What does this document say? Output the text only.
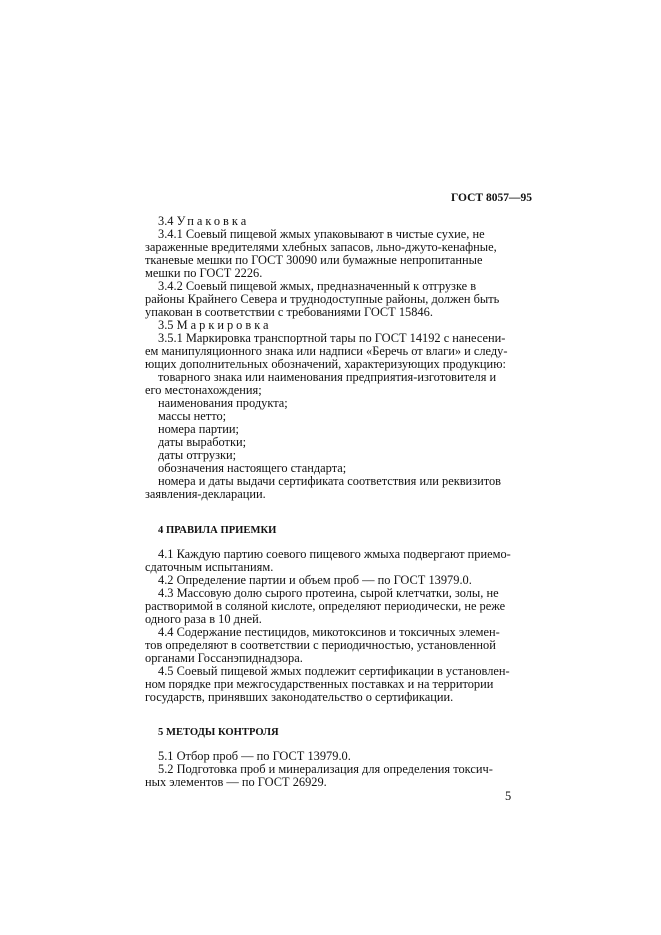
ГОСТ 8057—95
3.4 Упаковка
3.4.1 Соевый пищевой жмых упаковывают в чистые сухие, не
зараженные вредителями хлебных запасов, льно-джуто-кенафные,
тканевые мешки по ГОСТ 30090 или бумажные непропитанные
мешки по ГОСТ 2226.
3.4.2 Соевый пищевой жмых, предназначенный к отгрузке в
районы Крайнего Севера и труднодоступные районы, должен быть
упакован в соответствии с требованиями ГОСТ 15846.
3.5 Маркировка
3.5.1 Маркировка транспортной тары по ГОСТ 14192 с нанесени-
ем манипуляционного знака или надписи «Беречь от влаги» и следу-
ющих дополнительных обозначений, характеризующих продукцию:
товарного знака или наименования предприятия-изготовителя и
его местонахождения;
наименования продукта;
массы нетто;
номера партии;
даты выработки;
даты отгрузки;
обозначения настоящего стандарта;
номера и даты выдачи сертификата соответствия или реквизитов
заявления-декларации.
4 ПРАВИЛА ПРИЕМКИ
4.1 Каждую партию соевого пищевого жмыха подвергают приемо-
сдаточным испытаниям.
4.2 Определение партии и объем проб — по ГОСТ 13979.0.
4.3 Массовую долю сырого протеина, сырой клетчатки, золы, не
растворимой в соляной кислоте, определяют периодически, не реже
одного раза в 10 дней.
4.4 Содержание пестицидов, микотоксинов и токсичных элемен-
тов определяют в соответствии с периодичностью, установленной
органами Госсанэпиднадзора.
4.5 Соевый пищевой жмых подлежит сертификации в установлен-
ном порядке при межгосударственных поставках и на территории
государств, принявших законодательство о сертификации.
5 МЕТОДЫ КОНТРОЛЯ
5.1 Отбор проб — по ГОСТ 13979.0.
5.2 Подготовка проб и минерализация для определения токсич-
ных элементов — по ГОСТ 26929.
5
